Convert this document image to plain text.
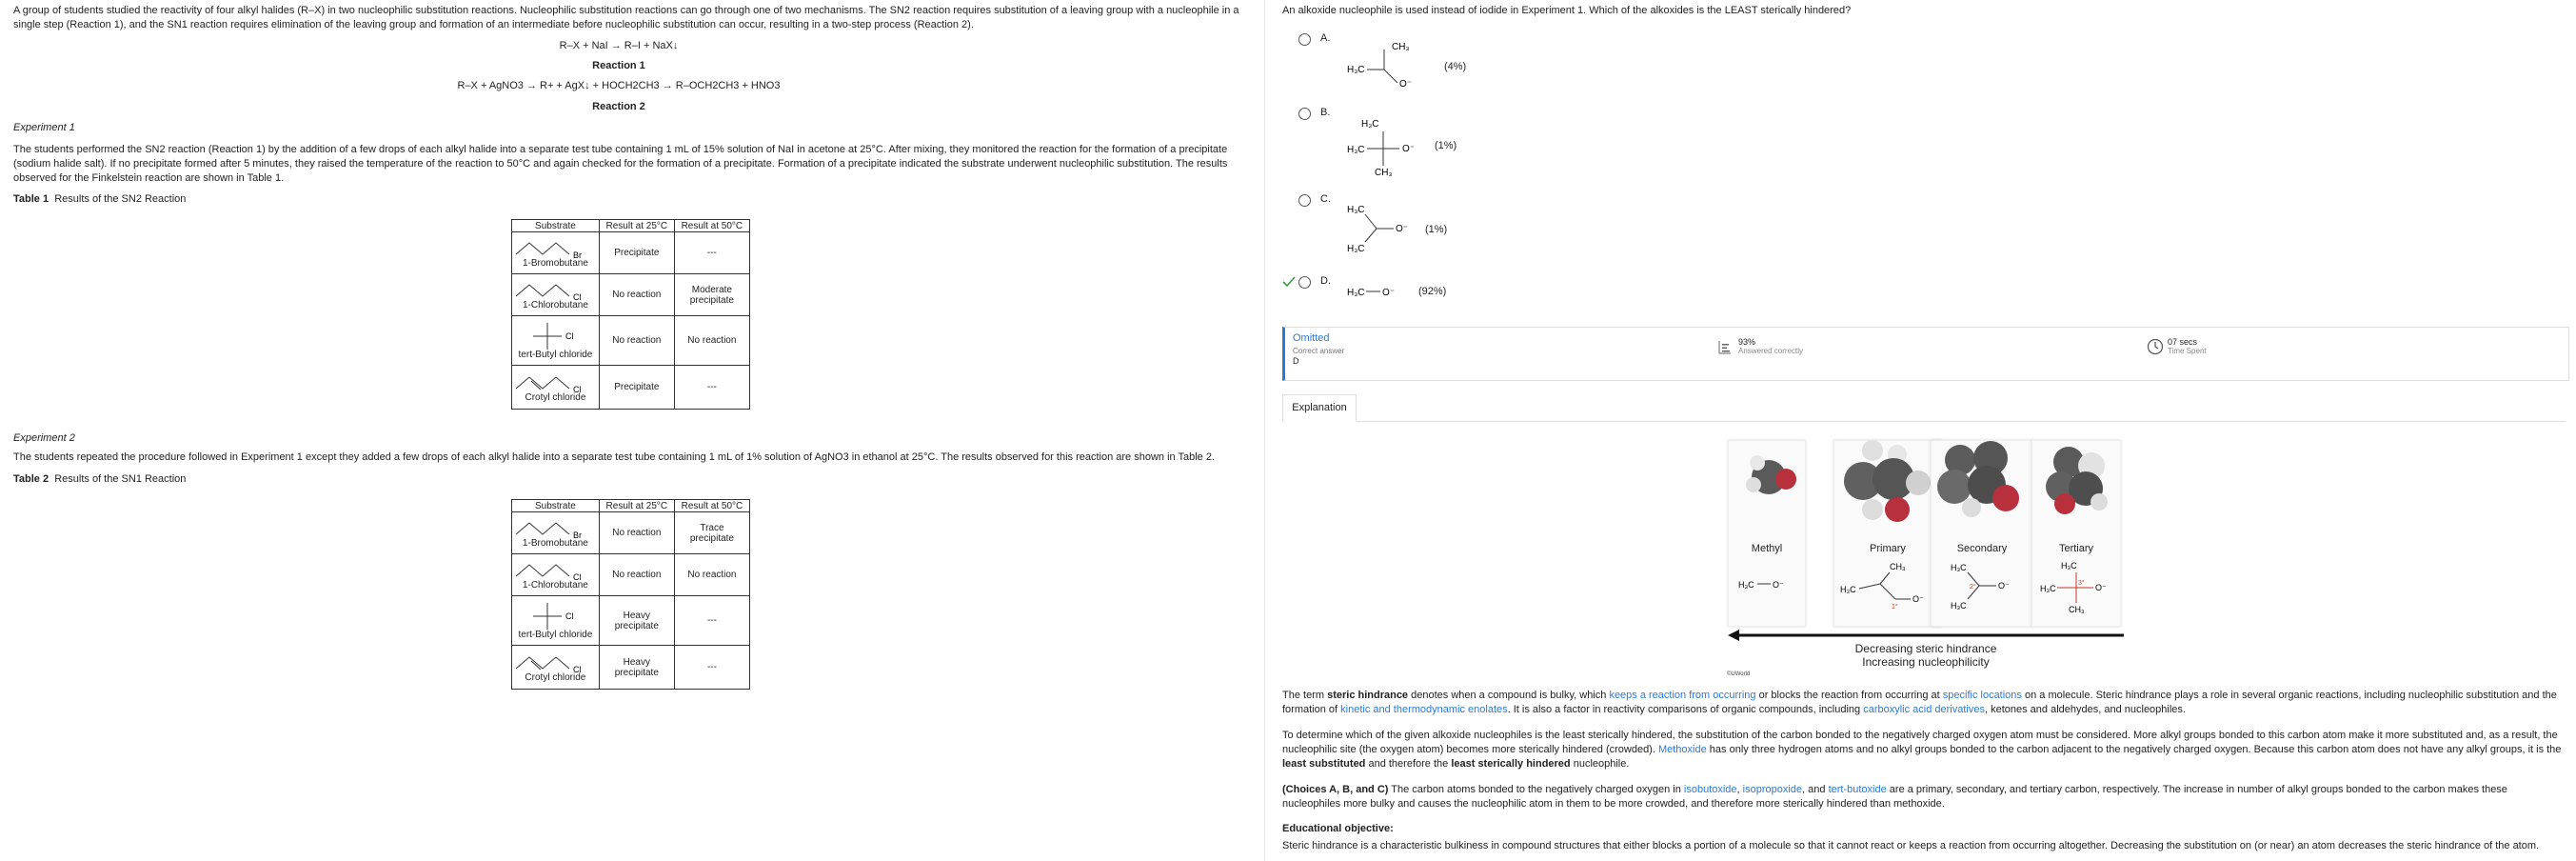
A group of students studied the reactivity of four alkyl halides (R–X) in two nucleophilic substitution reactions. Nucleophilic substitution reactions can go through one of two mechanisms. The SN2 reaction requires substitution of a leaving group with a nucleophile in a single step (Reaction 1), and the SN1 reaction requires elimination of the leaving group and formation of an intermediate before nucleophilic substitution can occur, resulting in a two-step process (Reaction 2).
R–X + NaI → R–I + NaX↓
Reaction 1
R–X + AgNO3 → R+ + AgX↓ + HOCH2CH3 → R–OCH2CH3 + HNO3
Reaction 2
Experiment 1
The students performed the SN2 reaction (Reaction 1) by the addition of a few drops of each alkyl halide into a separate test tube containing 1 mL of 15% solution of NaI in acetone at 25°C. After mixing, they monitored the reaction for the formation of a precipitate (sodium halide salt). If no precipitate formed after 5 minutes, they raised the temperature of the reaction to 50°C and again checked for the formation of a precipitate. Formation of a precipitate indicated the substrate underwent nucleophilic substitution. The results observed for the Finkelstein reaction are shown in Table 1.
Table 1 Results of the SN2 Reaction
Substrate	Result at 25°C	Result at 50°C

Br
1-Bromobutane	Precipitate	---

Cl
1-Chlorobutane	No reaction	Moderate precipitate

Cl
tert-Butyl chloride	No reaction	No reaction

Cl
Crotyl chloride	Precipitate	---
Experiment 2
The students repeated the procedure followed in Experiment 1 except they added a few drops of each alkyl halide into a separate test tube containing 1 mL of 1% solution of AgNO3 in ethanol at 25°C. The results observed for this reaction are shown in Table 2.
Table 2 Results of the SN1 Reaction
Substrate	Result at 25°C	Result at 50°C

Br
1-Bromobutane	No reaction	Trace precipitate

Cl
1-Chlorobutane	No reaction	No reaction

Cl
tert-Butyl chloride	Heavy precipitate	---

Cl
Crotyl chloride	Heavy precipitate	---
An alkoxide nucleophile is used instead of iodide in Experiment 1. Which of the alkoxides is the LEAST sterically hindered?
A.
H₃C
CH₃
O⁻
(4%)
B.
H₃C
H₃C	O⁻
CH₃
(1%)
C.
H₃C
O⁻
H₃C
(1%)
D.
H₃C O⁻ (92%)
Omitted
Correct answer
D
93%
Answered correctly
07 secs
Time Spent
Explanation
Methyl
H₃C O⁻
Primary
CH₃
H₃C
O⁻
1°
Secondary
H₃C
O⁻
H₃C
2°
Tertiary
H₃C
H₃C	O⁻
CH₃
3°
Decreasing steric hindrance
Increasing nucleophilicity
©UWorld
The term steric hindrance denotes when a compound is bulky, which keeps a reaction from occurring or blocks the reaction from occurring at specific locations on a molecule. Steric hindrance plays a role in several organic reactions, including nucleophilic substitution and the formation of kinetic and thermodynamic enolates. It is also a factor in reactivity comparisons of organic compounds, including carboxylic acid derivatives, ketones and aldehydes, and nucleophiles.
To determine which of the given alkoxide nucleophiles is the least sterically hindered, the substitution of the carbon bonded to the negatively charged oxygen atom must be considered. More alkyl groups bonded to this carbon atom make it more substituted and, as a result, the nucleophilic site (the oxygen atom) becomes more sterically hindered (crowded). Methoxide has only three hydrogen atoms and no alkyl groups bonded to the carbon adjacent to the negatively charged oxygen. Because this carbon atom does not have any alkyl groups, it is the least substituted and therefore the least sterically hindered nucleophile.
(Choices A, B, and C) The carbon atoms bonded to the negatively charged oxygen in isobutoxide, isopropoxide, and tert-butoxide are a primary, secondary, and tertiary carbon, respectively. The increase in number of alkyl groups bonded to the carbon makes these nucleophiles more bulky and causes the nucleophilic atom in them to be more crowded, and therefore more sterically hindered than methoxide.
Educational objective:
Steric hindrance is a characteristic bulkiness in compound structures that either blocks a portion of a molecule so that it cannot react or keeps a reaction from occurring altogether. Decreasing the substitution on (or near) an atom decreases the steric hindrance of the atom.
